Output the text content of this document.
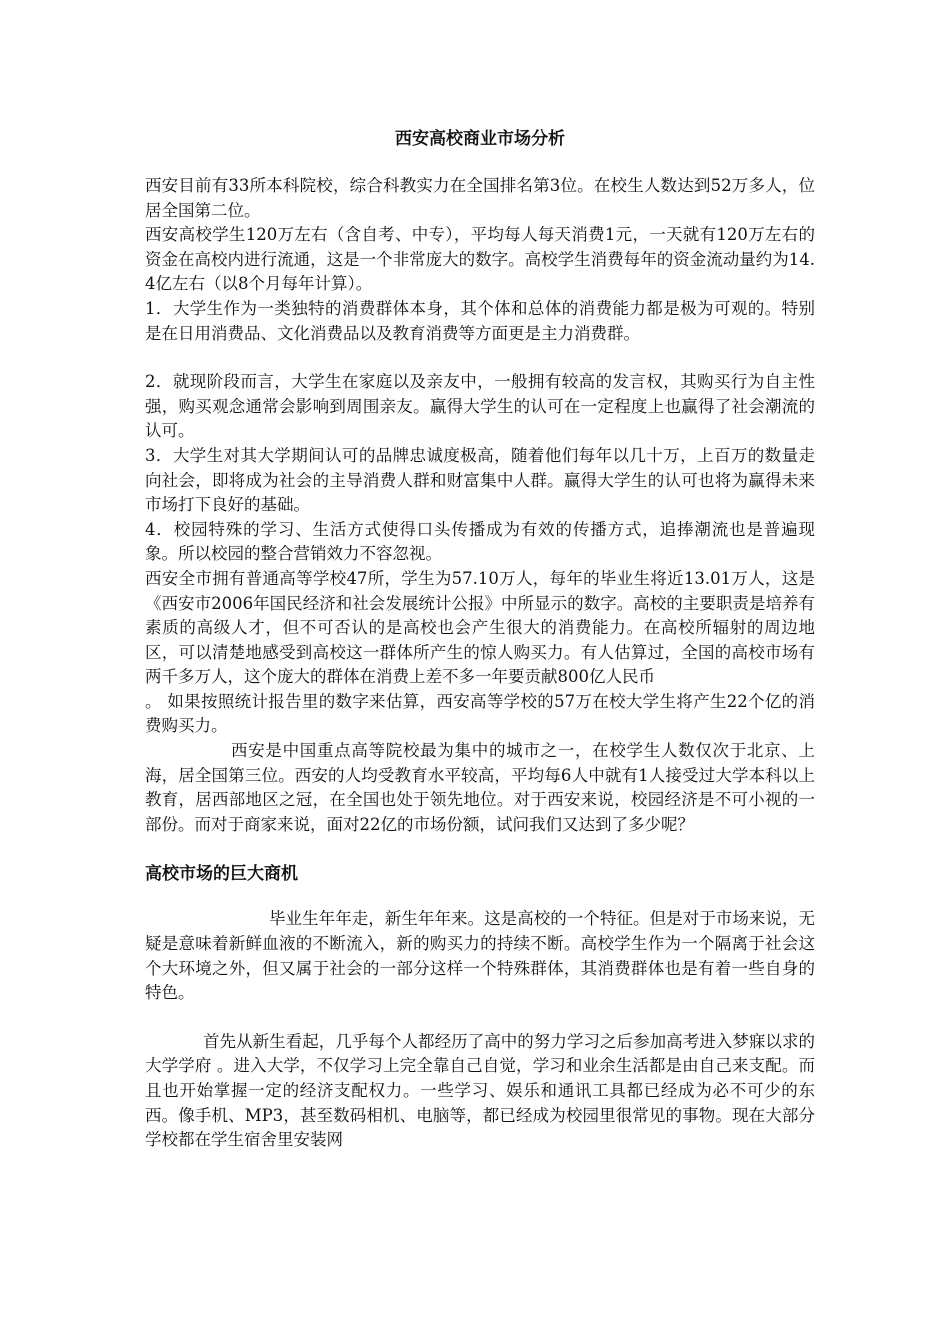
西安高校商业市场分析

西安目前有33所本科院校，综合科教实力在全国排名第3位。在校生人数达到52万多人，位居全国第二位。

西安高校学生120万左右（含自考、中专），平均每人每天消费1元，一天就有120万左右的资金在高校内进行流通，这是一个非常庞大的数字。高校学生消费每年的资金流动量约为14.4亿左右（以8个月每年计算）。

1．大学生作为一类独特的消费群体本身，其个体和总体的消费能力都是极为可观的。特别是在日用消费品、文化消费品以及教育消费等方面更是主力消费群。

2．就现阶段而言，大学生在家庭以及亲友中，一般拥有较高的发言权，其购买行为自主性强，购买观念通常会影响到周围亲友。赢得大学生的认可在一定程度上也赢得了社会潮流的认可。

3．大学生对其大学期间认可的品牌忠诚度极高，随着他们每年以几十万，上百万的数量走向社会，即将成为社会的主导消费人群和财富集中人群。赢得大学生的认可也将为赢得未来市场打下良好的基础。

4．校园特殊的学习、生活方式使得口头传播成为有效的传播方式，追捧潮流也是普遍现象。所以校园的整合营销效力不容忽视。

西安全市拥有普通高等学校47所，学生为57.10万人，每年的毕业生将近13.01万人，这是《西安市2006年国民经济和社会发展统计公报》中所显示的数字。高校的主要职责是培养有素质的高级人才，但不可否认的是高校也会产生很大的消费能力。在高校所辐射的周边地区，可以清楚地感受到高校这一群体所产生的惊人购买力。有人估算过，全国的高校市场有两千多万人，这个庞大的群体在消费上差不多一年要贡献800亿人民币

。 如果按照统计报告里的数字来估算，西安高等学校的57万在校大学生将产生22个亿的消费购买力。

西安是中国重点高等院校最为集中的城市之一，在校学生人数仅次于北京、上海，居全国第三位。西安的人均受教育水平较高，平均每6人中就有1人接受过大学本科以上教育，居西部地区之冠，在全国也处于领先地位。对于西安来说，校园经济是不可小视的一部份。而对于商家来说，面对22亿的市场份额，试问我们又达到了多少呢？

高校市场的巨大商机

毕业生年年走，新生年年来。这是高校的一个特征。但是对于市场来说，无疑是意味着新鲜血液的不断流入，新的购买力的持续不断。高校学生作为一个隔离于社会这个大环境之外，但又属于社会的一部分这样一个特殊群体，其消费群体也是有着一些自身的特色。

首先从新生看起，几乎每个人都经历了高中的努力学习之后参加高考进入梦寐以求的大学学府 。进入大学，不仅学习上完全靠自己自觉，学习和业余生活都是由自己来支配。而且也开始掌握一定的经济支配权力。一些学习、娱乐和通讯工具都已经成为必不可少的东西。像手机、MP3，甚至数码相机、电脑等，都已经成为校园里很常见的事物。现在大部分学校都在学生宿舍里安装网
